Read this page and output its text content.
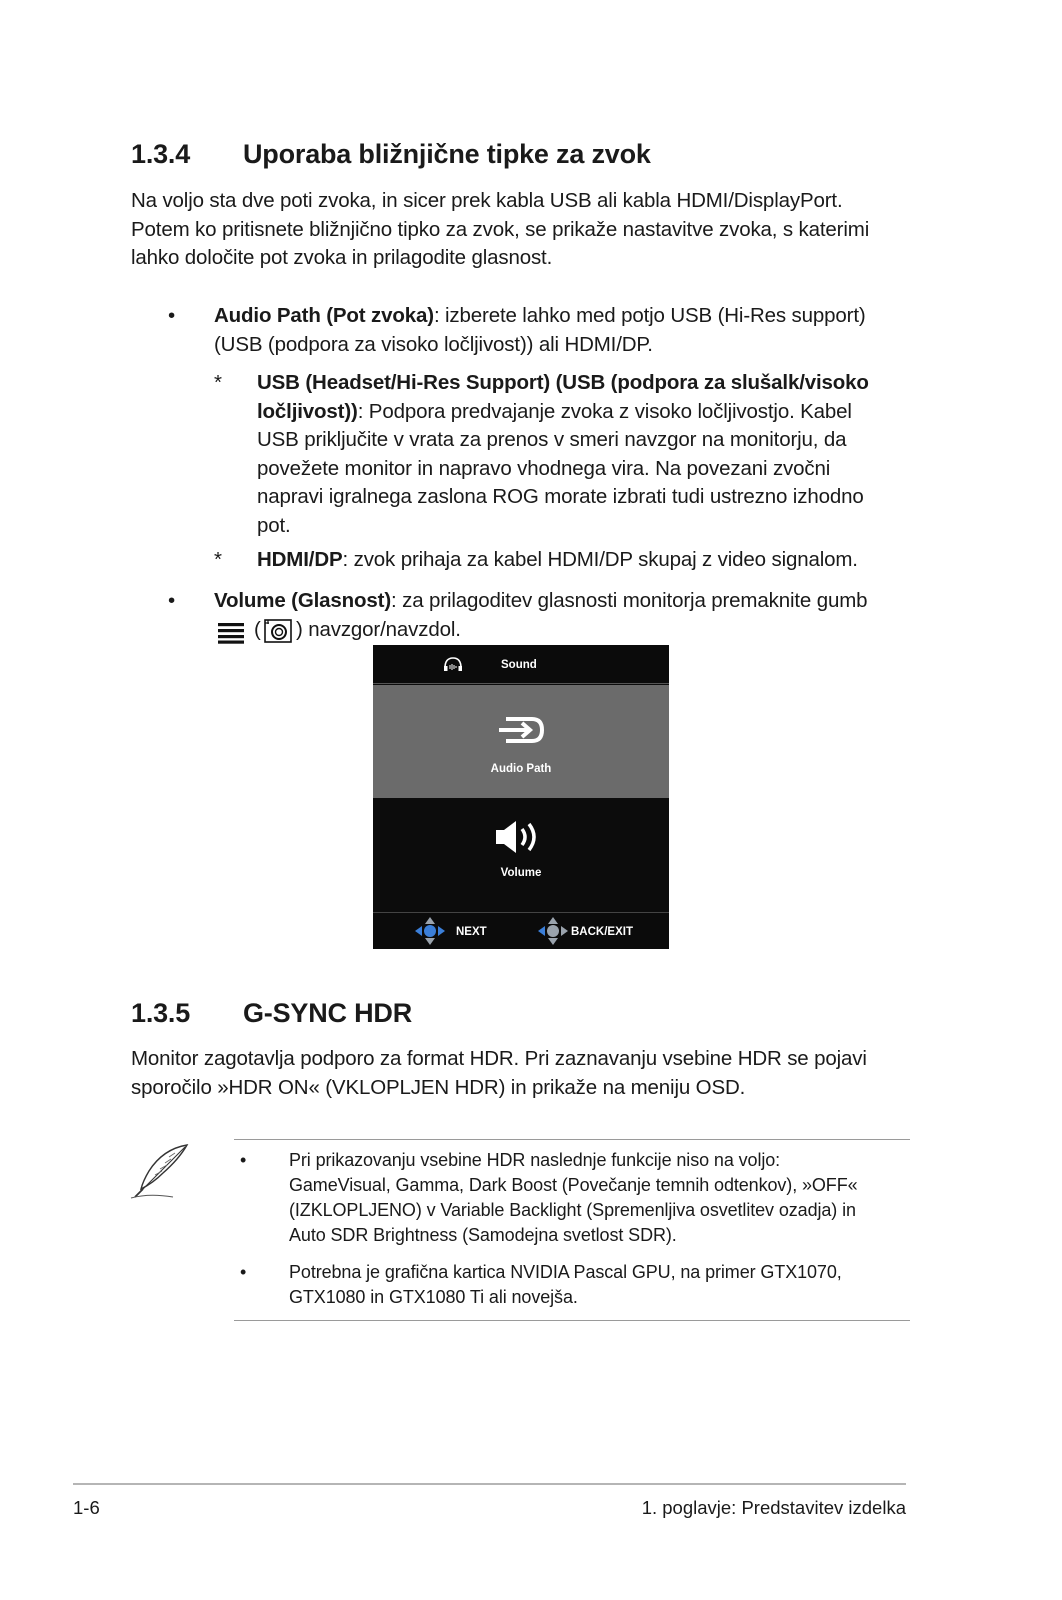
1.3.4 Uporaba bližnjične tipke za zvok

Na voljo sta dve poti zvoka, in sicer prek kabla USB ali kabla HDMI/DisplayPort.

Potem ko pritisnete bližnjično tipko za zvok, se prikaže nastavitve zvoka, s katerimi

lahko določite pot zvoka in prilagodite glasnost.

• Audio Path (Pot zvoka): izberete lahko med potjo USB (Hi-Res support)
(USB (podpora za visoko ločljivost)) ali HDMI/DP.
* USB (Headset/Hi-Res Support) (USB (podpora za slušalk/visoko
ločljivost)): Podpora predvajanje zvoka z visoko ločljivostjo. Kabel
USB priključite v vrata za prenos v smeri navzgor na monitorju, da
povežete monitor in napravo vhodnega vira. Na povezani zvočni
napravi igralnega zaslona ROG morate izbrati tudi ustrezno izhodno
pot.
* HDMI/DP: zvok prihaja za kabel HDMI/DP skupaj z video signalom.
• Volume (Glasnost): za prilagoditev glasnosti monitorja premaknite gumb
( ) navzgor/navzdol.
Sound
Audio Path
Volume
NEXT	BACK/EXIT
1.3.5 G-SYNC HDR

Monitor zagotavlja podporo za format HDR. Pri zaznavanju vsebine HDR se pojavi

sporočilo »HDR ON« (VKLOPLJEN HDR) in prikaže na meniju OSD.

• Pri prikazovanju vsebine HDR naslednje funkcije niso na voljo:
GameVisual, Gamma, Dark Boost (Povečanje temnih odtenkov), »OFF«
(IZKLOPLJENO) v Variable Backlight (Spremenljiva osvetlitev ozadja) in
Auto SDR Brightness (Samodejna svetlost SDR).
• Potrebna je grafična kartica NVIDIA Pascal GPU, na primer GTX1070,
GTX1080 in GTX1080 Ti ali novejša.
1-6	1. poglavje: Predstavitev izdelka
